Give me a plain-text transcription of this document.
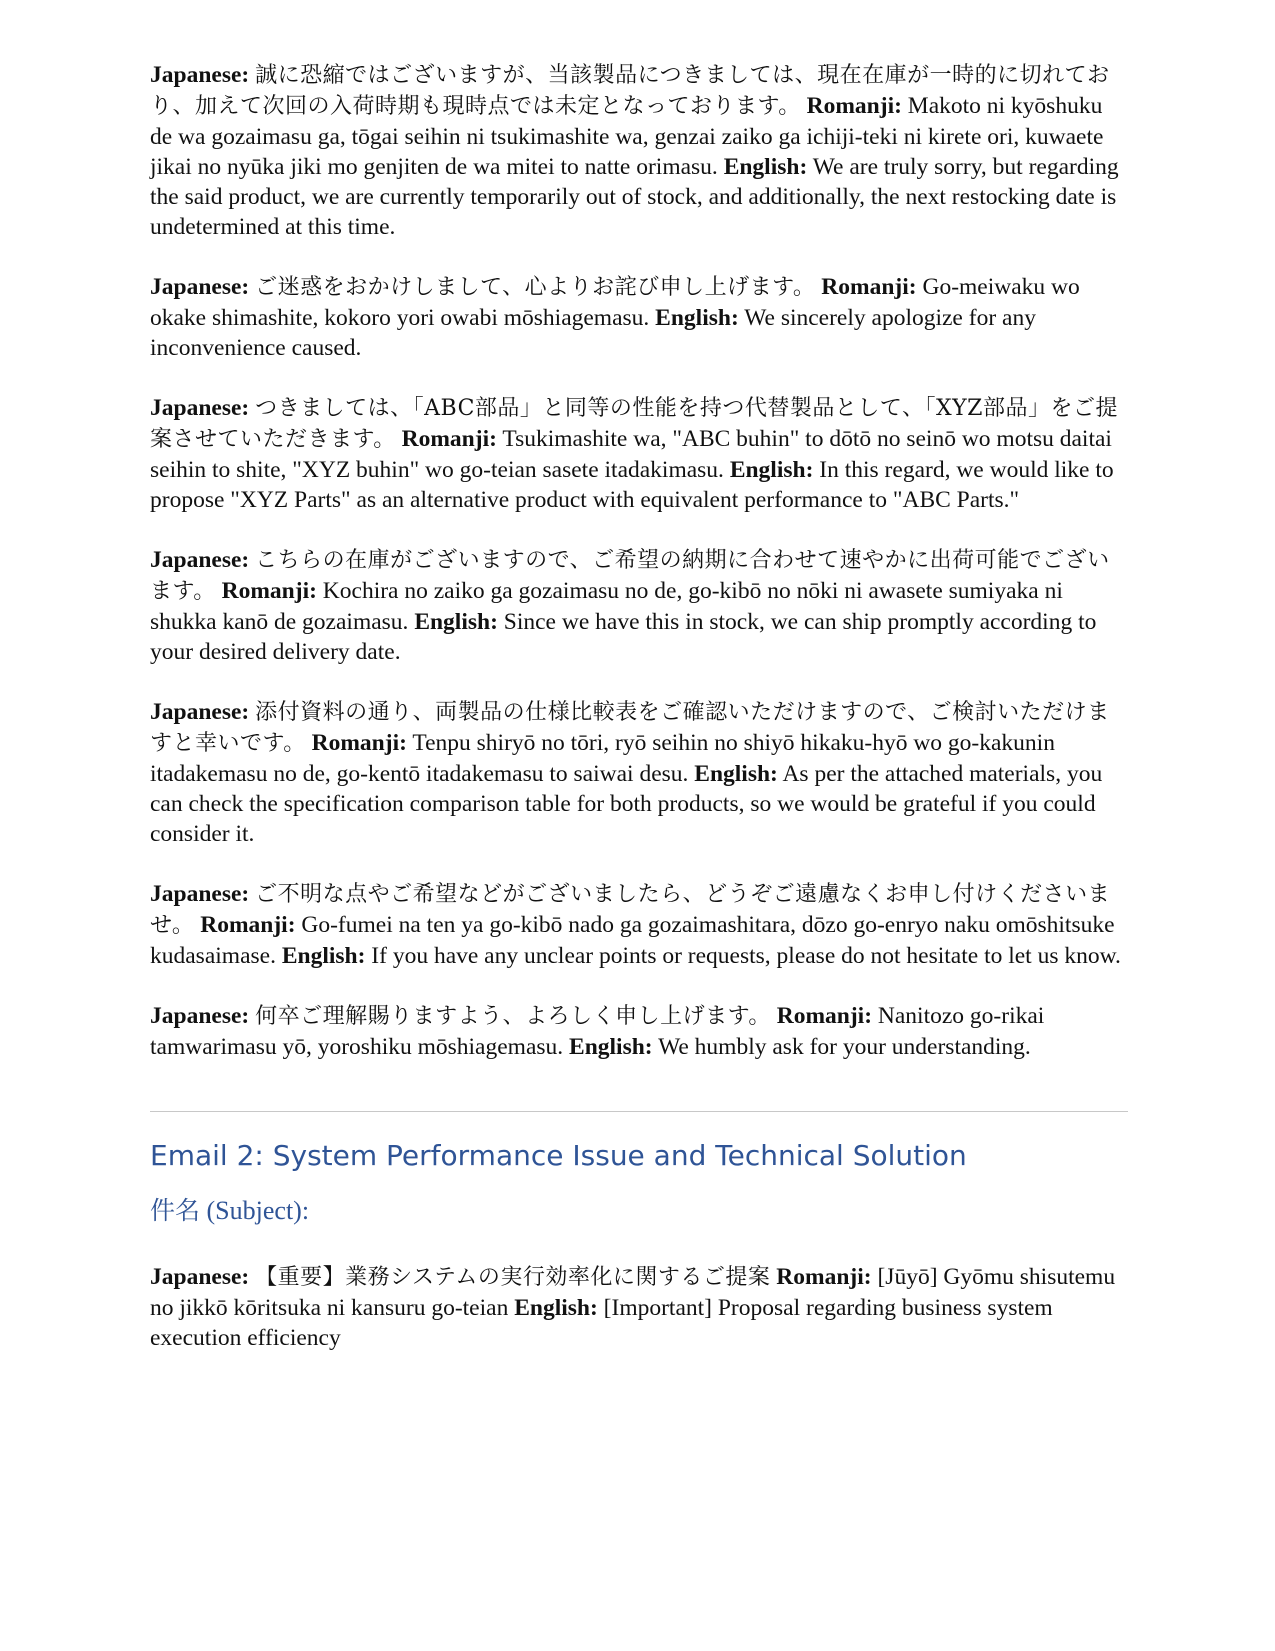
Japanese: 誠に恐縮ではございますが、当該製品につきましては、現在在庫が一時的に切れており、加えて次回の入荷時期も現時点では未定となっております。 Romanji: Makoto ni kyōshuku de wa gozaimasu ga, tōgai seihin ni tsukimashite wa, genzai zaiko ga ichiji-teki ni kirete ori, kuwaete jikai no nyūka jiki mo genjiten de wa mitei to natte orimasu. English: We are truly sorry, but regarding the said product, we are currently temporarily out of stock, and additionally, the next restocking date is undetermined at this time.

Japanese: ご迷惑をおかけしまして、心よりお詫び申し上げます。 Romanji: Go-meiwaku wo okake shimashite, kokoro yori owabi mōshiagemasu. English: We sincerely apologize for any inconvenience caused.

Japanese: つきましては、「ABC部品」と同等の性能を持つ代替製品として、「XYZ部品」をご提案させていただきます。 Romanji: Tsukimashite wa, "ABC buhin" to dōtō no seinō wo motsu daitai seihin to shite, "XYZ buhin" wo go-teian sasete itadakimasu. English: In this regard, we would like to propose "XYZ Parts" as an alternative product with equivalent performance to "ABC Parts."

Japanese: こちらの在庫がございますので、ご希望の納期に合わせて速やかに出荷可能でございます。 Romanji: Kochira no zaiko ga gozaimasu no de, go-kibō no nōki ni awasete sumiyaka ni shukka kanō de gozaimasu. English: Since we have this in stock, we can ship promptly according to your desired delivery date.

Japanese: 添付資料の通り、両製品の仕様比較表をご確認いただけますので、ご検討いただけますと幸いです。 Romanji: Tenpu shiryō no tōri, ryō seihin no shiyō hikaku-hyō wo go-kakunin itadakemasu no de, go-kentō itadakemasu to saiwai desu. English: As per the attached materials, you can check the specification comparison table for both products, so we would be grateful if you could consider it.

Japanese: ご不明な点やご希望などがございましたら、どうぞご遠慮なくお申し付けくださいませ。 Romanji: Go-fumei na ten ya go-kibō nado ga gozaimashitara, dōzo go-enryo naku omōshitsuke kudasaimase. English: If you have any unclear points or requests, please do not hesitate to let us know.

Japanese: 何卒ご理解賜りますよう、よろしく申し上げます。 Romanji: Nanitozo go-rikai tamwarimasu yō, yoroshiku mōshiagemasu. English: We humbly ask for your understanding.

Email 2: System Performance Issue and Technical Solution
件名 (Subject):

Japanese: 【重要】業務システムの実行効率化に関するご提案 Romanji: [Jūyō] Gyōmu shisutemu no jikkō kōritsuka ni kansuru go-teian English: [Important] Proposal regarding business system execution efficiency
